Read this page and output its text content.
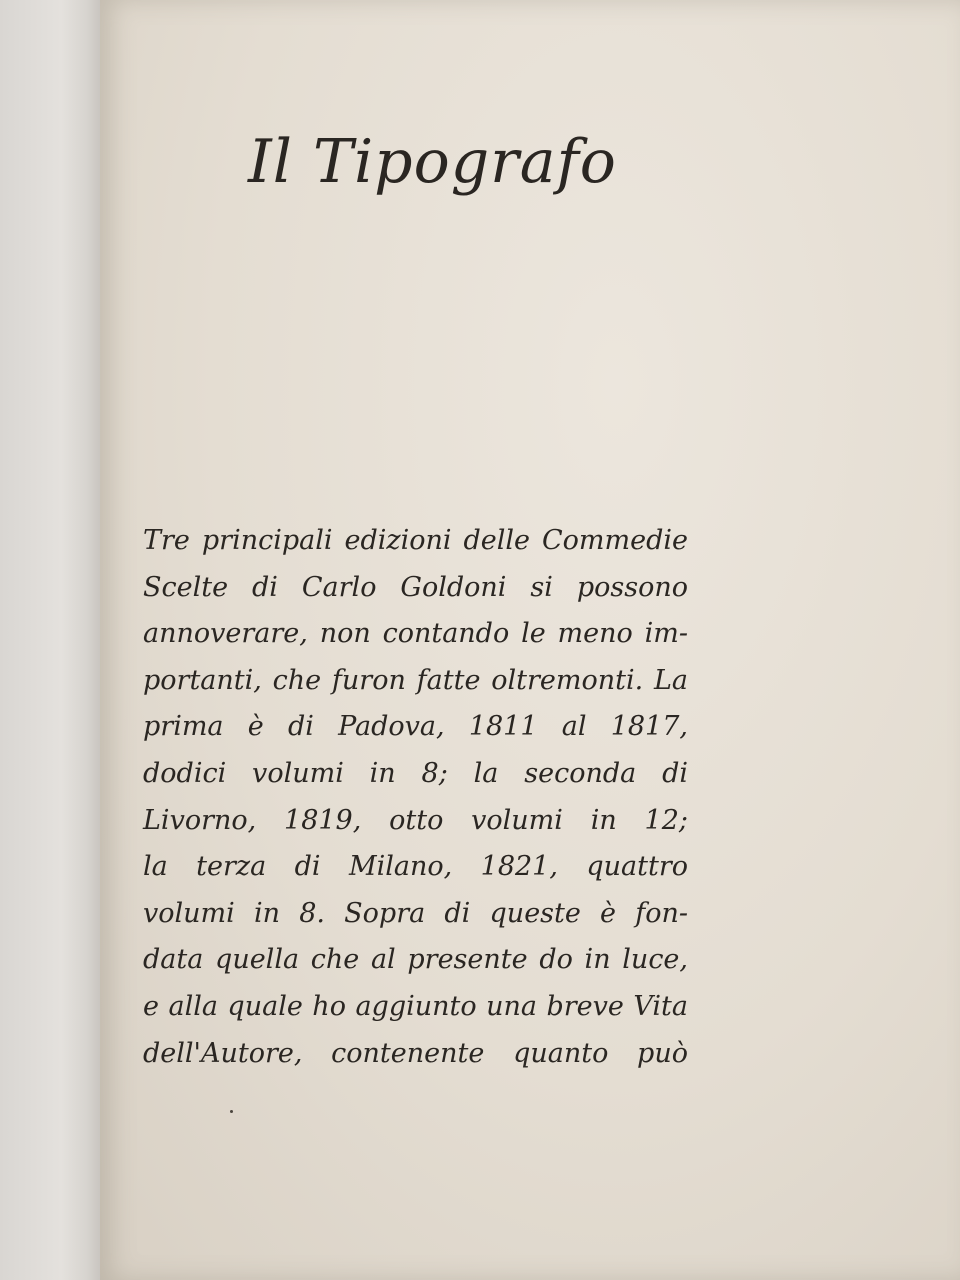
Il Tipografo
Tre principali edizioni delle Commedie
Scelte di Carlo Goldoni si possono
annoverare, non contando le meno im-
portanti, che furon fatte oltremonti. La
prima è di Padova, 1811 al 1817,
dodici volumi in 8; la seconda di
Livorno, 1819, otto volumi in 12;
la terza di Milano, 1821, quattro
volumi in 8. Sopra di queste è fon-
data quella che al presente do in luce,
e alla quale ho aggiunto una breve Vita
dell'Autore, contenente quanto può
